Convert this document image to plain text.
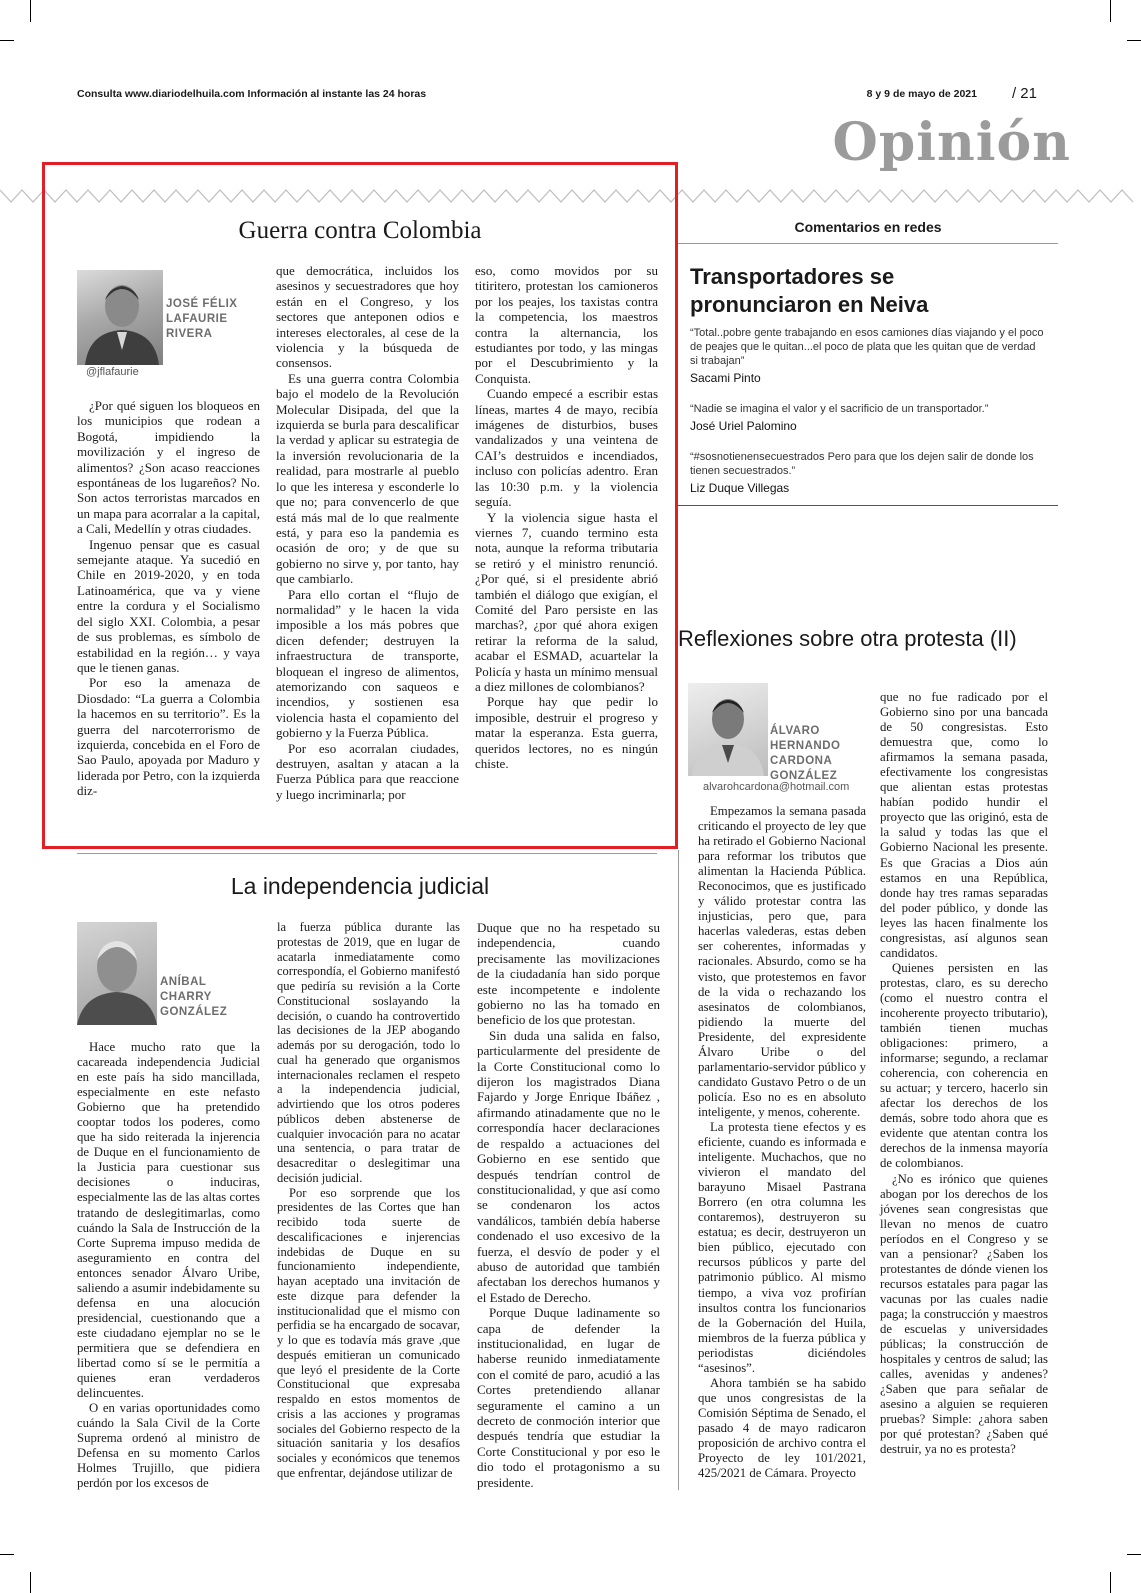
Consulta www.diariodelhuila.com Información al instante las 24 horas	8 y 9 de mayo de 2021 / 21
Opinión
Guerra contra Colombia
JOSÉ FÉLIX LAFAURIE RIVERA
@jflafaurie

¿Por qué siguen los bloqueos en los municipios que rodean a Bogotá, impidiendo la movilización y el ingreso de alimentos? ¿Son acaso reacciones espontáneas de los lugareños? No. Son actos terroristas marcados en un mapa para acorralar a la capital, a Cali, Medellín y otras ciudades.

Ingenuo pensar que es casual semejante ataque. Ya sucedió en Chile en 2019-2020, y en toda Latinoamérica, que va y viene entre la cordura y el Socialismo del siglo XXI. Colombia, a pesar de sus problemas, es símbolo de estabilidad en la región… y vaya que le tienen ganas.

Por eso la amenaza de Diosdado: “La guerra a Colombia la hacemos en su territorio”. Es la guerra del narcoterrorismo de izquierda, concebida en el Foro de Sao Paulo, apoyada por Maduro y liderada por Petro, con la izquierda diz-

que democrática, incluidos los asesinos y secuestradores que hoy están en el Congreso, y los sectores que anteponen odios e intereses electorales, al cese de la violencia y la búsqueda de consensos.

Es una guerra contra Colombia bajo el modelo de la Revolución Molecular Disipada, del que la izquierda se burla para descalificar la verdad y aplicar su estrategia de la inversión revolucionaria de la realidad, para mostrarle al pueblo lo que les interesa y esconderle lo que no; para convencerlo de que está más mal de lo que realmente está, y para eso la pandemia es ocasión de oro; y de que su gobierno no sirve y, por tanto, hay que cambiarlo.

Para ello cortan el “flujo de normalidad” y le hacen la vida imposible a los más pobres que dicen defender; destruyen la infraestructura de transporte, bloquean el ingreso de alimentos, atemorizando con saqueos e incendios, y sostienen esa violencia hasta el copamiento del gobierno y la Fuerza Pública.

Por eso acorralan ciudades, destruyen, asaltan y atacan a la Fuerza Pública para que reaccione y luego incriminarla; por

eso, como movidos por su titiritero, protestan los camioneros por los peajes, los taxistas contra la competencia, los maestros contra la alternancia, los estudiantes por todo, y las mingas por el Descubrimiento y la Conquista.

Cuando empecé a escribir estas líneas, martes 4 de mayo, recibía imágenes de disturbios, buses vandalizados y una veintena de CAI’s destruidos e incendiados, incluso con policías adentro. Eran las 10:30 p.m. y la violencia seguía.

Y la violencia sigue hasta el viernes 7, cuando termino esta nota, aunque la reforma tributaria se retiró y el ministro renunció. ¿Por qué, si el presidente abrió también el diálogo que exigían, el Comité del Paro persiste en las marchas?, ¿por qué ahora exigen retirar la reforma de la salud, acabar el ESMAD, acuartelar la Policía y hasta un mínimo mensual a diez millones de colombianos?

Porque hay que pedir lo imposible, destruir el progreso y matar la esperanza. Esta guerra, queridos lectores, no es ningún chiste.

Comentarios en redes
Transportadores se pronunciaron en Neiva
“Total..pobre gente trabajando en esos camiones días viajando y el poco de peajes que le quitan...el poco de plata que les quitan que de verdad si trabajan”
Sacami Pinto
“Nadie se imagina el valor y el sacrificio de un transportador.”
José Uriel Palomino
“#sosnotienensecuestrados Pero para que los dejen salir de donde los tienen secuestrados.”
Liz Duque Villegas
Reflexiones sobre otra protesta (II)
ÁLVARO HERNANDO CARDONA GONZÁLEZ
alvarohcardona@hotmail.com

Empezamos la semana pasada criticando el proyecto de ley que ha retirado el Gobierno Nacional para reformar los tributos que alimentan la Hacienda Pública. Reconocimos, que es justificado y válido protestar contra las injusticias, pero que, para hacerlas valederas, estas deben ser coherentes, informadas y racionales. Absurdo, como se ha visto, que protestemos en favor de la vida o rechazando los asesinatos de colombianos, pidiendo la muerte del Presidente, del expresidente Álvaro Uribe o del parlamentario-servidor público y candidato Gustavo Petro o de un policía. Eso no es en absoluto inteligente, y menos, coherente.

La protesta tiene efectos y es eficiente, cuando es informada e inteligente. Muchachos, que no vivieron el mandato del barayuno Misael Pastrana Borrero (en otra columna les contaremos), destruyeron su estatua; es decir, destruyeron un bien público, ejecutado con recursos públicos y parte del patrimonio público. Al mismo tiempo, a viva voz profirían insultos contra los funcionarios de la Gobernación del Huila, miembros de la fuerza pública y periodistas diciéndoles “asesinos”.

Ahora también se ha sabido que unos congresistas de la Comisión Séptima de Senado, el pasado 4 de mayo radicaron proposición de archivo contra el Proyecto de ley 101/2021, 425/2021 de Cámara. Proyecto

que no fue radicado por el Gobierno sino por una bancada de 50 congresistas. Esto demuestra que, como lo afirmamos la semana pasada, efectivamente los congresistas que alientan estas protestas habían podido hundir el proyecto que las originó, esta de la salud y todas las que el Gobierno Nacional les presente. Es que Gracias a Dios aún estamos en una República, donde hay tres ramas separadas del poder público, y donde las leyes las hacen finalmente los congresistas, así algunos sean candidatos.

Quienes persisten en las protestas, claro, es su derecho (como el nuestro contra el incoherente proyecto tributario), también tienen muchas obligaciones: primero, a informarse; segundo, a reclamar coherencia, con coherencia en su actuar; y tercero, hacerlo sin afectar los derechos de los demás, sobre todo ahora que es evidente que atentan contra los derechos de la inmensa mayoría de colombianos.

¿No es irónico que quienes abogan por los derechos de los jóvenes sean congresistas que llevan no menos de cuatro períodos en el Congreso y se van a pensionar? ¿Saben los protestantes de dónde vienen los recursos estatales para pagar las vacunas por las cuales nadie paga; la construcción y maestros de escuelas y universidades públicas; la construcción de hospitales y centros de salud; las calles, avenidas y andenes? ¿Saben que para señalar de asesino a alguien se requieren pruebas? Simple: ¿ahora saben por qué protestan? ¿Saben qué destruir, ya no es protesta?

La independencia judicial
ANÍBAL CHARRY GONZÁLEZ

Hace mucho rato que la cacareada independencia Judicial en este país ha sido mancillada, especialmente en este nefasto Gobierno que ha pretendido cooptar todos los poderes, como que ha sido reiterada la injerencia de Duque en el funcionamiento de la Justicia para cuestionar sus decisiones o induciras, especialmente las de las altas cortes tratando de deslegitimarlas, como cuándo la Sala de Instrucción de la Corte Suprema impuso medida de aseguramiento en contra del entonces senador Álvaro Uribe, saliendo a asumir indebidamente su defensa en una alocución presidencial, cuestionando que a este ciudadano ejemplar no se le permitiera que se defendiera en libertad como sí se le permitía a quienes eran verdaderos delincuentes.

O en varias oportunidades como cuándo la Sala Civil de la Corte Suprema ordenó al ministro de Defensa en su momento Carlos Holmes Trujillo, que pidiera perdón por los excesos de

la fuerza pública durante las protestas de 2019, que en lugar de acatarla inmediatamente como correspondía, el Gobierno manifestó que pediría su revisión a la Corte Constitucional soslayando la decisión, o cuando ha controvertido las decisiones de la JEP abogando además por su derogación, todo lo cual ha generado que organismos internacionales reclamen el respeto a la independencia judicial, advirtiendo que los otros poderes públicos deben abstenerse de cualquier invocación para no acatar una sentencia, o para tratar de desacreditar o deslegitimar una decisión judicial.

Por eso sorprende que los presidentes de las Cortes que han recibido toda suerte de descalificaciones e injerencias indebidas de Duque en su funcionamiento independiente, hayan aceptado una invitación de este dizque para defender la institucionalidad que el mismo con perfidia se ha encargado de socavar, y lo que es todavía más grave ,que después emitieran un comunicado que leyó el presidente de la Corte Constitucional que expresaba respaldo en estos momentos de crisis a las acciones y programas sociales del Gobierno respecto de la situación sanitaria y los desafíos sociales y económicos que tenemos que enfrentar, dejándose utilizar de

Duque que no ha respetado su independencia, cuando precisamente las movilizaciones de la ciudadanía han sido porque este incompetente e indolente gobierno no las ha tomado en beneficio de los que protestan.

Sin duda una salida en falso, particularmente del presidente de la Corte Constitucional como lo dijeron los magistrados Diana Fajardo y Jorge Enrique Ibáñez , afirmando atinadamente que no le correspondía hacer declaraciones de respaldo a actuaciones del Gobierno en ese sentido que después tendrían control de constitucionalidad, y que así como se condenaron los actos vandálicos, también debía haberse condenado el uso excesivo de la fuerza, el desvío de poder y el abuso de autoridad que también afectaban los derechos humanos y el Estado de Derecho.

Porque Duque ladinamente so capa de defender la institucionalidad, en lugar de haberse reunido inmediatamente con el comité de paro, acudió a las Cortes pretendiendo allanar seguramente el camino a un decreto de conmoción interior que después tendría que estudiar la Corte Constitucional y por eso le dio todo el protagonismo a su presidente.
